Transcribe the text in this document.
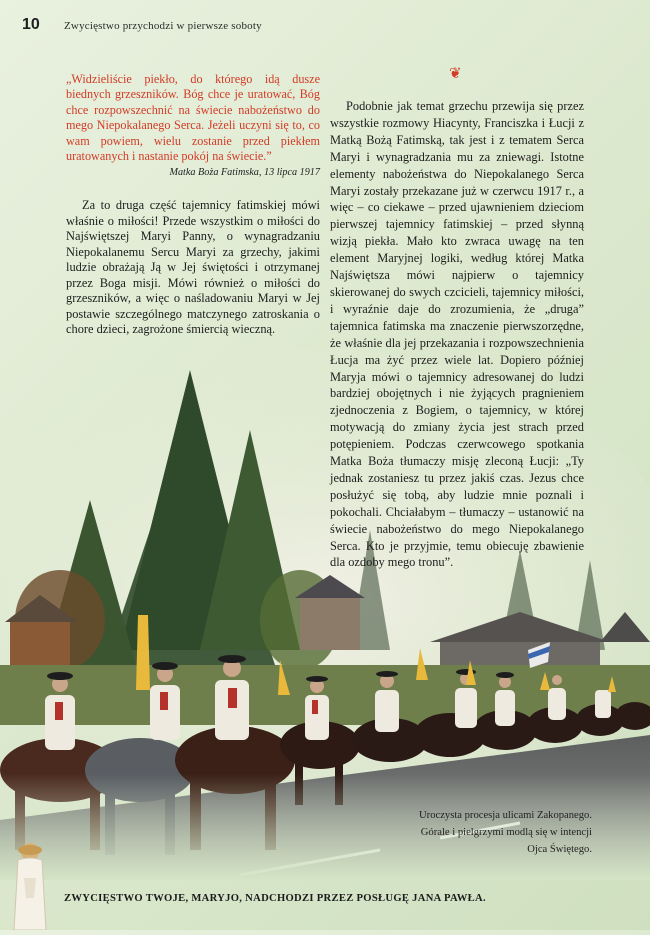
10 Zwycięstwo przychodzi w pierwsze soboty
❦
„Widzieliście piekło, do którego idą dusze biednych grzeszników. Bóg chce je uratować, Bóg chce rozpowszechnić na świecie nabożeństwo do mego Niepokalanego Serca. Jeżeli uczyni się to, co wam powiem, wielu zostanie przed piekłem uratowanych i nastanie pokój na świecie.”
Matka Boża Fatimska, 13 lipca 1917
Za to druga część tajemnicy fatimskiej mówi właśnie o miłości! Przede wszystkim o miłości do Najświętszej Maryi Panny, o wynagradzaniu Niepokalanemu Sercu Maryi za grzechy, jakimi ludzie obrażają Ją w Jej świętości i otrzymanej przez Boga misji. Mówi również o miłości do grzeszników, a więc o naśladowaniu Maryi w Jej postawie szczególnego matczynego zatroskania o chore dzieci, zagrożone śmiercią wieczną.
Podobnie jak temat grzechu przewija się przez wszystkie rozmowy Hiacynty, Franciszka i Łucji z Matką Bożą Fatimską, tak jest i z tematem Serca Maryi i wynagradzania mu za zniewagi. Istotne elementy nabożeństwa do Niepokalanego Serca Maryi zostały przekazane już w czerwcu 1917 r., a więc – co ciekawe – przed ujawnieniem dzieciom pierwszej tajemnicy fatimskiej – przed słynną wizją piekła. Mało kto zwraca uwagę na ten element Maryjnej logiki, według której Matka Najświętsza mówi najpierw o tajemnicy skierowanej do swych czcicieli, tajemnicy miłości, i wyraźnie daje do zrozumienia, że „druga” tajemnica fatimska ma znaczenie pierwszorzędne, że właśnie dla jej przekazania i rozpowszechnienia Łucja ma żyć przez wiele lat. Dopiero później Maryja mówi o tajemnicy adresowanej do ludzi bardziej obojętnych i nie żyjących pragnieniem zjednoczenia z Bogiem, o tajemnicy, w której motywacją do zmiany życia jest strach przed potępieniem. Podczas czerwcowego spotkania Matka Boża tłumaczy misję zleconą Łucji: „Ty jednak zostaniesz tu przez jakiś czas. Jezus chce posłużyć się tobą, aby ludzie mnie poznali i pokochali. Chciałabym – tłumaczy – ustanowić na świecie nabożeństwo do mego Niepokalanego Serca. Kto je przyjmie, temu obiecuję zbawienie dla ozdoby mego tronu”.
Uroczysta procesja ulicami Zakopanego. Górale i pielgrzymi modlą się w intencji Ojca Świętego.
ZWYCIĘSTWO TWOJE, MARYJO, NADCHODZI PRZEZ POSŁUGĘ JANA PAWŁA.
